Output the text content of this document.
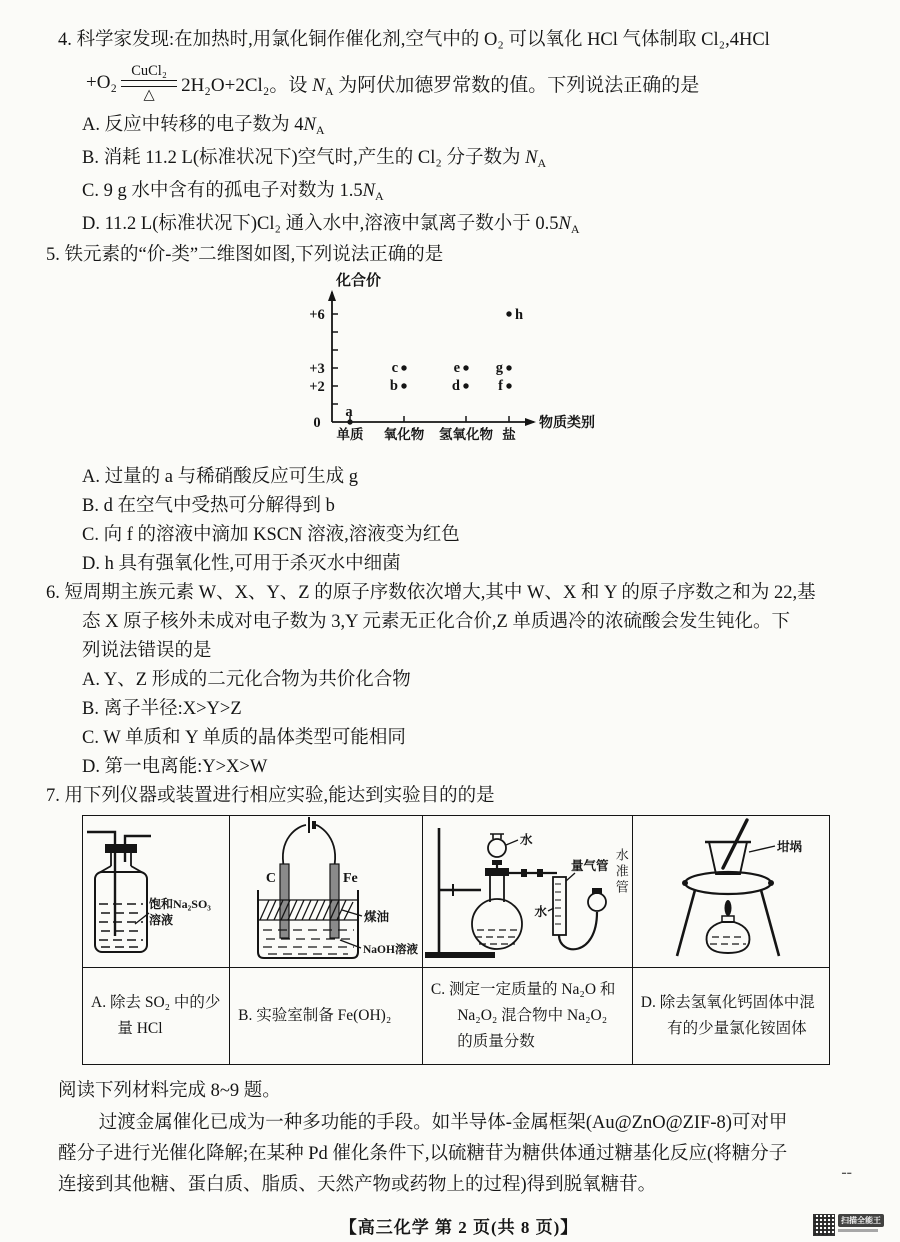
4. 科学家发现:在加热时,用氯化铜作催化剂,空气中的 O₂ 可以氧化 HCl 气体制取 Cl₂,4HCl
+O₂
CuCl₂
△ 2H₂O+2Cl₂。设 $N_A$ 为阿伏加德罗常数的值。下列说法正确的是
A. 反应中转移的电子数为 $4N_A$
B. 消耗 11.2 L(标准状况下)空气时,产生的 Cl₂ 分子数为 $N_A$
C. 9 g 水中含有的孤电子对数为 $1.5N_A$
D. 11.2 L(标准状况下)Cl₂ 通入水中,溶液中氯离子数小于 $0.5N_A$
5. 铁元素的“价-类”二维图如图,下列说法正确的是
化合价
物质类别
0
+2
+3
+6
单质 氧化物 氢氧化物 盐
a
b
c
d
e
f
g
h
A. 过量的 a 与稀硝酸反应可生成 g
B. d 在空气中受热可分解得到 b
C. 向 f 的溶液中滴加 KSCN 溶液,溶液变为红色
D. h 具有强氧化性,可用于杀灭水中细菌
6. 短周期主族元素 W、X、Y、Z 的原子序数依次增大,其中 W、X 和 Y 的原子序数之和为 22,基
态 X 原子核外未成对电子数为 3,Y 元素无正化合价,Z 单质遇冷的浓硫酸会发生钝化。下
列说法错误的是
A. Y、Z 形成的二元化合物为共价化合物
B. 离子半径:X>Y>Z
C. W 单质和 Y 单质的晶体类型可能相同
D. 第一电离能:Y>X>W
7. 用下列仪器或装置进行相应实验,能达到实验目的的是
饱和Na₂SO₃
溶液	C Fe
煤油
NaOH溶液	水
量气管
水
水准管	坩埚

A. 除去 SO₂ 中的少量 HCl	B. 实验室制备 Fe(OH)₂	C. 测定一定质量的 Na₂O 和 Na₂O₂ 混合物中 Na₂O₂ 的质量分数	D. 除去氢氧化钙固体中混有的少量氯化铵固体
阅读下列材料完成 8~9 题。
过渡金属催化已成为一种多功能的手段。如半导体-金属框架(Au@ZnO@ZIF-8)可对甲
醛分子进行光催化降解;在某种 Pd 催化条件下,以硫糖苷为糖供体通过糖基化反应(将糖分子
连接到其他糖、蛋白质、脂质、天然产物或药物上的过程)得到脱氧糖苷。
【高三化学 第 2 页(共 8 页)】
--
扫描全能王
